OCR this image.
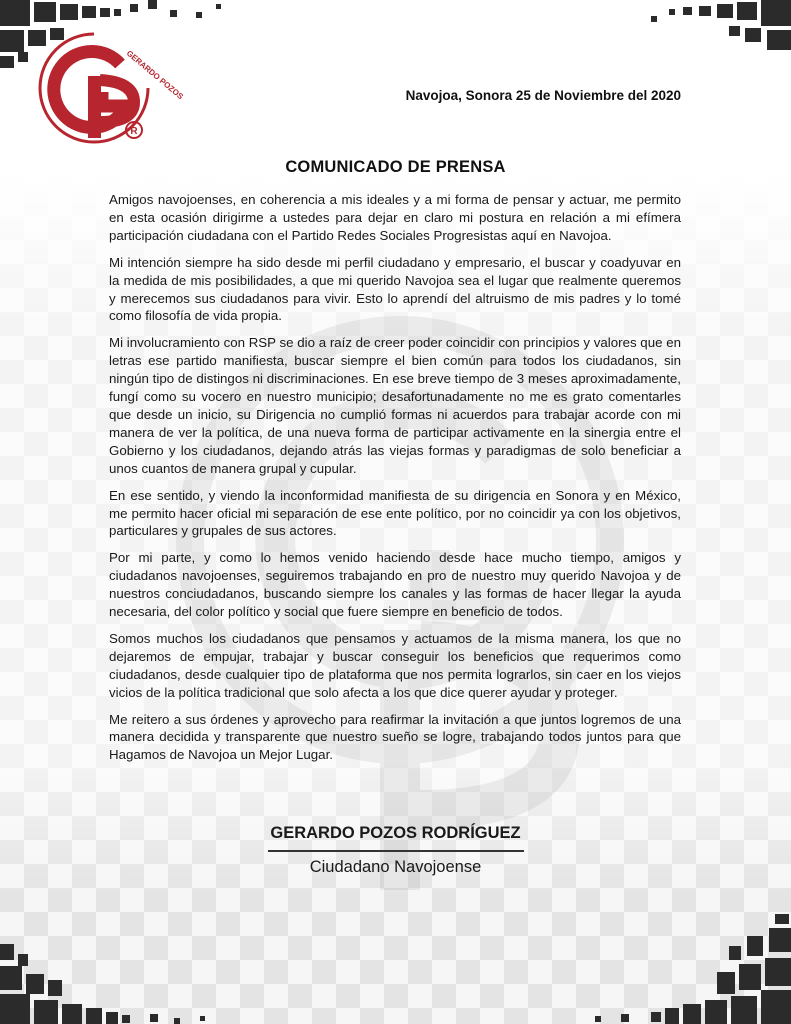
R
GERARDO POZOS	Navojoa, Sonora 25 de Noviembre del 2020
COMUNICADO DE PRENSA

Amigos navojoenses, en coherencia a mis ideales y a mi forma de pensar y actuar, me permito en esta ocasión dirigirme a ustedes para dejar en claro mi postura en relación a mi efímera participación ciudadana con el Partido Redes Sociales Progresistas aquí en Navojoa.

Mi intención siempre ha sido desde mi perfil ciudadano y empresario, el buscar y coadyuvar en la medida de mis posibilidades, a que mi querido Navojoa sea el lugar que realmente queremos y merecemos sus ciudadanos para vivir. Esto lo aprendí del altruismo de mis padres y lo tomé como filosofía de vida propia.

Mi involucramiento con RSP se dio a raíz de creer poder coincidir con principios y valores que en letras ese partido manifiesta, buscar siempre el bien común para todos los ciudadanos, sin ningún tipo de distingos ni discriminaciones. En ese breve tiempo de 3 meses aproximadamente, fungí como su vocero en nuestro municipio; desafortunadamente no me es grato comentarles que desde un inicio, su Dirigencia no cumplió formas ni acuerdos para trabajar acorde con mi manera de ver la política, de una nueva forma de participar activamente en la sinergia entre el Gobierno y los ciudadanos, dejando atrás las viejas formas y paradigmas de solo beneficiar a unos cuantos de manera grupal y cupular.

En ese sentido, y viendo la inconformidad manifiesta de su dirigencia en Sonora y en México, me permito hacer oficial mi separación de ese ente político, por no coincidir ya con los objetivos, particulares y grupales de sus actores.

Por mi parte, y como lo hemos venido haciendo desde hace mucho tiempo, amigos y ciudadanos navojoenses, seguiremos trabajando en pro de nuestro muy querido Navojoa y de nuestros conciudadanos, buscando siempre los canales y las formas de hacer llegar la ayuda necesaria, del color político y social que fuere siempre en beneficio de todos.

Somos muchos los ciudadanos que pensamos y actuamos de la misma manera, los que no dejaremos de empujar, trabajar y buscar conseguir los beneficios que requerimos como ciudadanos, desde cualquier tipo de plataforma que nos permita lograrlos, sin caer en los viejos vicios de la política tradicional que solo afecta a los que dice querer ayudar y proteger.

Me reitero a sus órdenes y aprovecho para reafirmar la invitación a que juntos logremos de una manera decidida y transparente que nuestro sueño se logre, trabajando todos juntos para que Hagamos de Navojoa un Mejor Lugar.

GERARDO POZOS RODRÍGUEZ
Ciudadano Navojoense
